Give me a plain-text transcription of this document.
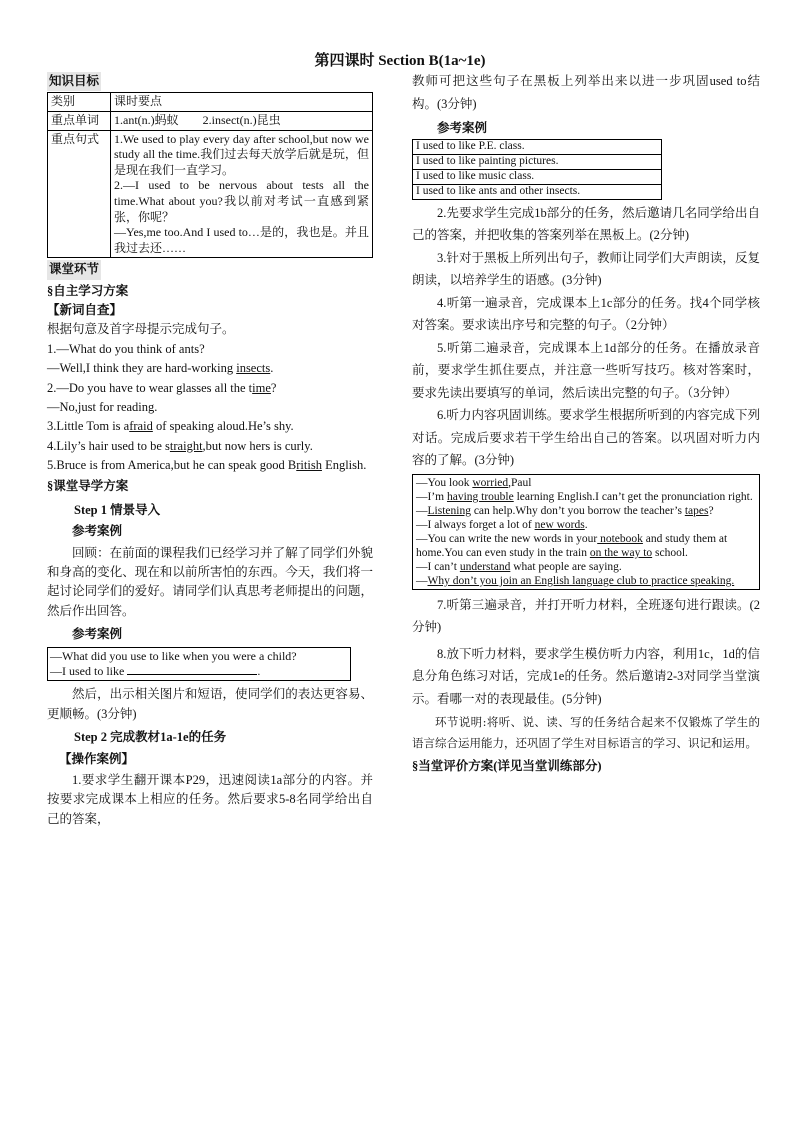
第四课时 Section B(1a~1e)
知识目标
类别	课时要点
重点单词	1.ant(n.)蚂蚁　　2.insect(n.)昆虫
重点句式	1.We used to play every day after school,but now we study all the time.我们过去每天放学后就是玩，但是现在我们一直学习。
2.—I used to be nervous about tests all the time.What about you?我以前对考试一直感到紧张，你呢？
—Yes,me too.And I used to…是的，我也是。并且我过去还……
课堂环节

§自主学习方案

【新词自查】

根据句意及首字母提示完成句子。

1.—What do you think of ants?

—Well,I think they are hard-working insects.

2.—Do you have to wear glasses all the time?

—No,just for reading.

3.Little Tom is afraid of speaking aloud.He’s shy.

4.Lily’s hair used to be straight,but now hers is curly.

5.Bruce is from America,but he can speak good British English.

§课堂导学方案

Step 1 情景导入

参考案例

回顾：在前面的课程我们已经学习并了解了同学们外貌和身高的变化、现在和以前所害怕的东西。今天，我们将一起讨论同学们的爱好。请同学们认真思考老师提出的问题，然后作出回答。

参考案例

—What did you use to like when you were a child?
—I used to like	.

然后，出示相关图片和短语，使同学们的表达更容易、更顺畅。(3分钟)

Step 2 完成教材1a-1e的任务

【操作案例】

1.要求学生翻开课本P29，迅速阅读1a部分的内容。并按要求完成课本上相应的任务。然后要求5-8名同学给出自己的答案，

教师可把这些句子在黑板上列举出来以进一步巩固used to结构。(3分钟)

参考案例

I used to like P.E. class.
I used to like painting pictures.
I used to like music class.
I used to like ants and other insects.

2.先要求学生完成1b部分的任务，然后邀请几名同学给出自己的答案，并把收集的答案列举在黑板上。(2分钟)

3.针对于黑板上所列出句子，教师让同学们大声朗读，反复朗读，以培养学生的语感。(3分钟)

4.听第一遍录音，完成课本上1c部分的任务。找4个同学核对答案。要求读出序号和完整的句子。（2分钟）

5.听第二遍录音，完成课本上1d部分的任务。在播放录音前，要求学生抓住要点，并注意一些听写技巧。核对答案时，要求先读出要填写的单词，然后读出完整的句子。（3分钟）

6.听力内容巩固训练。要求学生根据所听到的内容完成下列对话。完成后要求若干学生给出自己的答案。以巩固对听力内容的了解。(3分钟)

—You look worried,Paul
—I’m having trouble learning English.I can’t get the pronunciation right.
—Listening can help.Why don’t you borrow the teacher’s tapes?
—I always forget a lot of new words.
—You can write the new words in your notebook and study them at home.You can even study in the train on the way to school.
—I can’t understand what people are saying.
—Why don’t you join an English language club to practice speaking.

7.听第三遍录音，并打开听力材料，全班逐句进行跟读。(2分钟)

8.放下听力材料，要求学生模仿听力内容，利用1c，1d的信息分角色练习对话，完成1e的任务。然后邀请2-3对同学当堂演示。看哪一对的表现最佳。(5分钟)

环节说明:将听、说、读、写的任务结合起来不仅锻炼了学生的语言综合运用能力，还巩固了学生对目标语言的学习、识记和运用。

§当堂评价方案(详见当堂训练部分)
